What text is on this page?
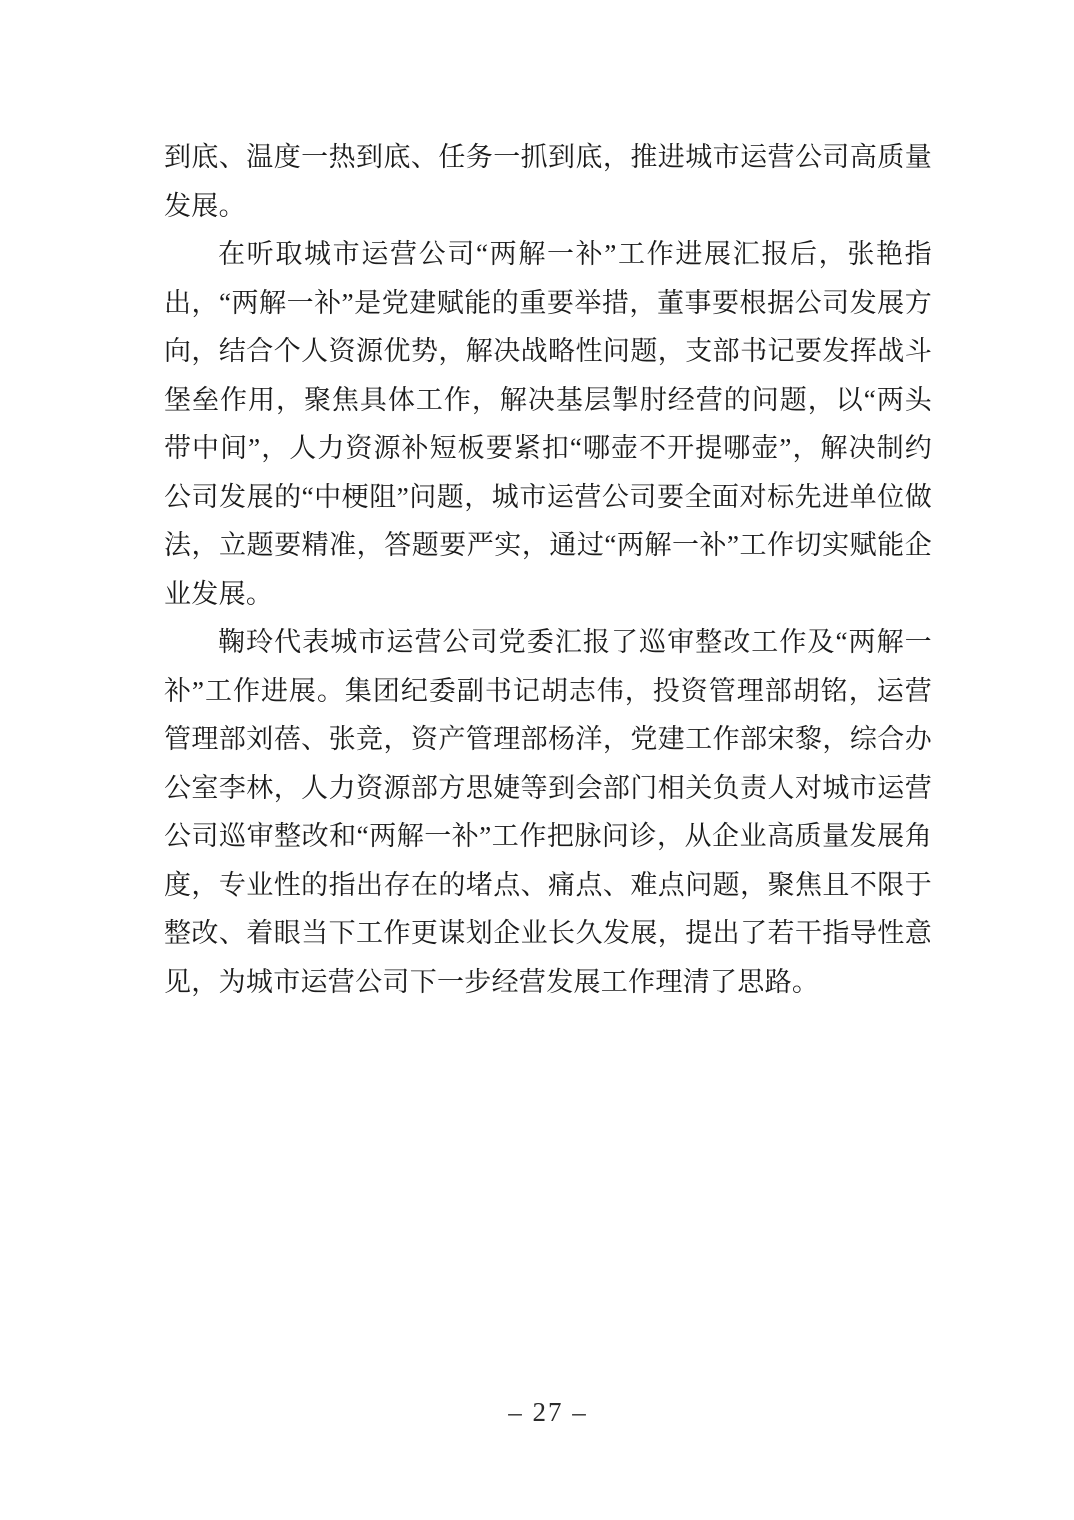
到底、温度一热到底、任务一抓到底，推进城市运营公司高质量发展。

在听取城市运营公司“两解一补”工作进展汇报后，张艳指出，“两解一补”是党建赋能的重要举措，董事要根据公司发展方向，结合个人资源优势，解决战略性问题，支部书记要发挥战斗堡垒作用，聚焦具体工作，解决基层掣肘经营的问题，以“两头带中间”，人力资源补短板要紧扣“哪壶不开提哪壶”，解决制约公司发展的“中梗阻”问题，城市运营公司要全面对标先进单位做法，立题要精准，答题要严实，通过“两解一补”工作切实赋能企业发展。

鞠玲代表城市运营公司党委汇报了巡审整改工作及“两解一补”工作进展。集团纪委副书记胡志伟，投资管理部胡铭，运营管理部刘蓓、张竞，资产管理部杨洋，党建工作部宋黎，综合办公室李林，人力资源部方思婕等到会部门相关负责人对城市运营公司巡审整改和“两解一补”工作把脉问诊，从企业高质量发展角度，专业性的指出存在的堵点、痛点、难点问题，聚焦且不限于整改、着眼当下工作更谋划企业长久发展，提出了若干指导性意见，为城市运营公司下一步经营发展工作理清了思路。

– 27 –
